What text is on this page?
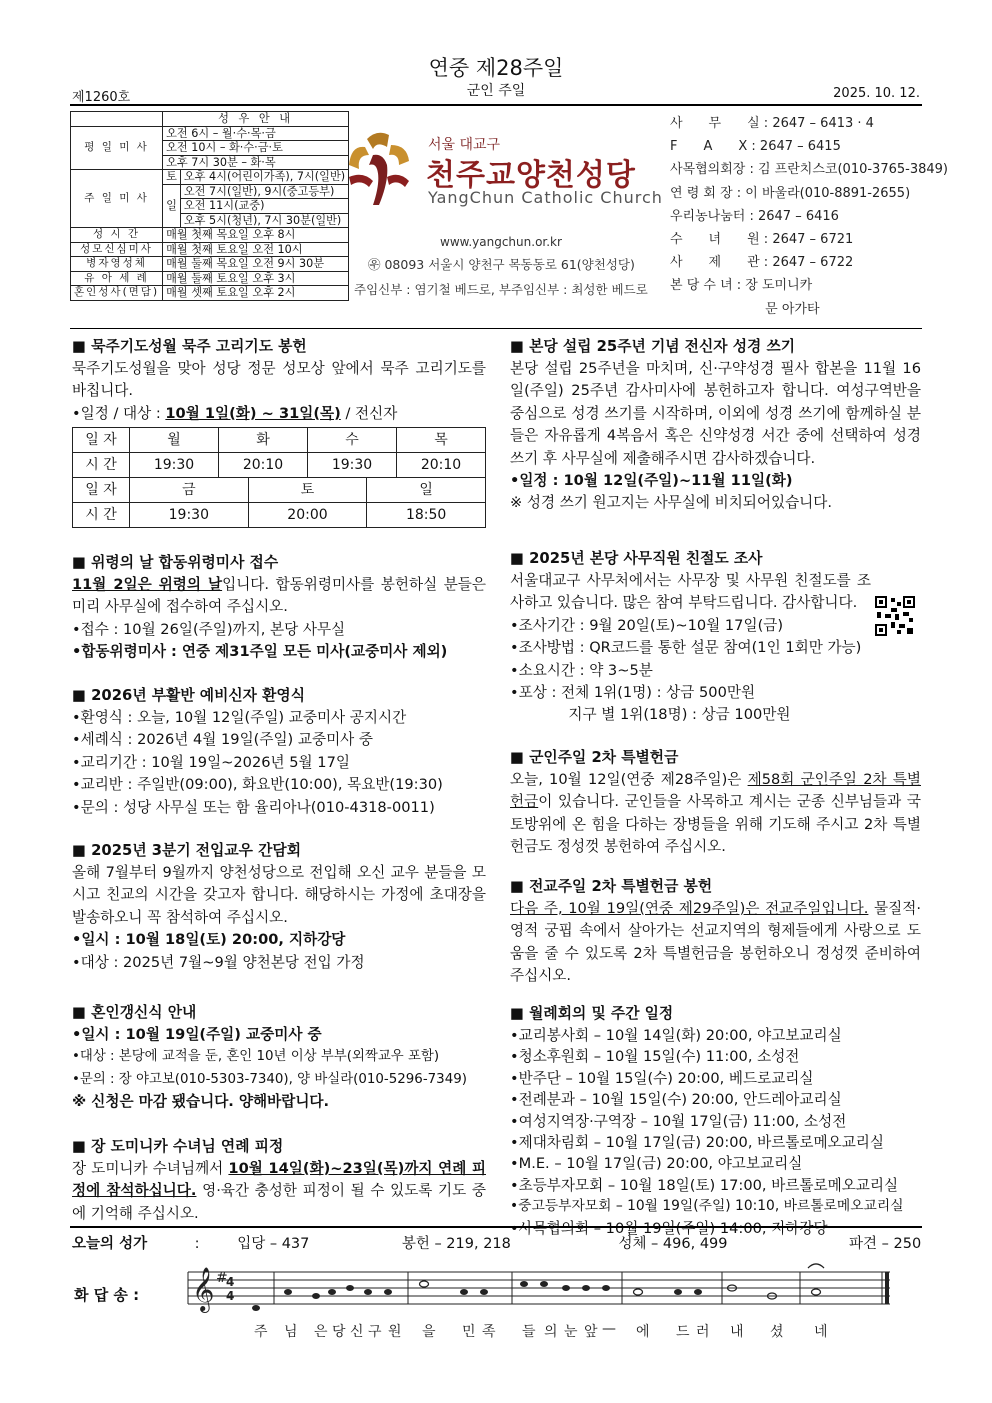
연중 제28주일
군인 주일
제1260호	2025. 10. 12.
	성 우 안 내	
평 일 미 사	오전 6시 – 월·수·목·금	
	오전 10시 – 화·수·금·토	
	오후 7시 30분 – 화·목	
주 일 미 사	토	오후 4시(어린이가족), 7시(일반)
	일	오전 7시(일반), 9시(중고등부)
		오전 11시(교중)
		오후 5시(청년), 7시 30분(일반)
성 시 간	매월 첫째 목요일 오후 8시	
성모신심미사	매월 첫째 토요일 오전 10시	
병자영성체	매월 둘째 목요일 오전 9시 30분	
유 아 세 례	매월 둘째 토요일 오후 3시	
혼인성사(면담)	매월 셋째 토요일 오후 2시	
서울 대교구
천주교양천성당
YangChun Catholic Church
www.yangchun.or.kr
㉾ 08093 서울시 양천구 목동동로 61(양천성당)
주임신부 : 염기철 베드로, 부주임신부 : 최성한 베드로
사　　무　　실 : 2647 – 6413 · 4
F　　A　　X : 2647 – 6415
사목협의회장 : 김 프란치스코(010-3765-3849)
연 령 회 장 : 이 바울라(010-8891-2655)
우리농나눔터 : 2647 – 6416
수　　녀　　원 : 2647 – 6721
사　　제　　관 : 2647 – 6722
본 당 수 녀 : 장 도미니카
　　　　　　　 문 아가타
■ 묵주기도성월 묵주 고리기도 봉헌

묵주기도성월을 맞아 성당 정문 성모상 앞에서 묵주 고리기도를 바칩니다.

•일정 / 대상 : 10월 1일(화) ~ 31일(목) / 전신자
일 자	월	화	수	목
시 간	19:30	20:10	19:30	20:10
일 자	금	토	일
시 간	19:30	20:00	18:50
■ 위령의 날 합동위령미사 접수

11월 2일은 위령의 날입니다. 합동위령미사를 봉헌하실 분들은 미리 사무실에 접수하여 주십시오.

•접수 : 10월 26일(주일)까지, 본당 사무실
•합동위령미사 : 연중 제31주일 모든 미사(교중미사 제외)
■ 2026년 부활반 예비신자 환영식
•환영식 : 오늘, 10월 12일(주일) 교중미사 공지시간
•세례식 : 2026년 4월 19일(주일) 교중미사 중
•교리기간 : 10월 19일~2026년 5월 17일
•교리반 : 주일반(09:00), 화요반(10:00), 목요반(19:30)
•문의 : 성당 사무실 또는 함 율리아나(010-4318-0011)
■ 2025년 3분기 전입교우 간담회

올해 7월부터 9월까지 양천성당으로 전입해 오신 교우 분들을 모시고 친교의 시간을 갖고자 합니다. 해당하시는 가정에 초대장을 발송하오니 꼭 참석하여 주십시오.

•일시 : 10월 18일(토) 20:00, 지하강당
•대상 : 2025년 7월~9월 양천본당 전입 가정
■ 혼인갱신식 안내
•일시 : 10월 19일(주일) 교중미사 중
•대상 : 본당에 교적을 둔, 혼인 10년 이상 부부(외짝교우 포함)
•문의 : 장 야고보(010-5303-7340), 양 바실라(010-5296-7349)
※ 신청은 마감 됐습니다. 양해바랍니다.
■ 장 도미니카 수녀님 연례 피정

장 도미니카 수녀님께서 10월 14일(화)~23일(목)까지 연례 피정에 참석하십니다. 영·육간 충성한 피정이 될 수 있도록 기도 중에 기억해 주십시오.

■ 본당 설립 25주년 기념 전신자 성경 쓰기

본당 설립 25주년을 마치며, 신·구약성경 필사 합본을 11월 16일(주일) 25주년 감사미사에 봉헌하고자 합니다. 여성구역반을 중심으로 성경 쓰기를 시작하며, 이외에 성경 쓰기에 함께하실 분들은 자유롭게 4복음서 혹은 신약성경 서간 중에 선택하여 성경 쓰기 후 사무실에 제출해주시면 감사하겠습니다.

•일정 : 10월 12일(주일)~11월 11일(화)
※ 성경 쓰기 원고지는 사무실에 비치되어있습니다.
■ 2025년 본당 사무직원 친절도 조사

서울대교구 사무처에서는 사무장 및 사무원 친절도를 조사하고 있습니다. 많은 참여 부탁드립니다. 감사합니다.

•조사기간 : 9월 20일(토)~10월 17일(금)
•조사방법 : QR코드를 통한 설문 참여(1인 1회만 가능)
•소요시간 : 약 3~5분
•포상 : 전체 1위(1명) : 상금 500만원
　　　　지구 별 1위(18명) : 상금 100만원
■ 군인주일 2차 특별헌금

오늘, 10월 12일(연중 제28주일)은 제58회 군인주일 2차 특별헌금이 있습니다. 군인들을 사목하고 계시는 군종 신부님들과 국토방위에 온 힘을 다하는 장병들을 위해 기도해 주시고 2차 특별헌금도 정성껏 봉헌하여 주십시오.

■ 전교주일 2차 특별헌금 봉헌

다음 주, 10월 19일(연중 제29주일)은 전교주일입니다. 물질적·영적 궁핍 속에서 살아가는 선교지역의 형제들에게 사랑으로 도움을 줄 수 있도록 2차 특별헌금을 봉헌하오니 정성껏 준비하여 주십시오.

■ 월례회의 및 주간 일정
•교리봉사회 – 10월 14일(화) 20:00, 야고보교리실
•청소후원회 – 10월 15일(수) 11:00, 소성전
•반주단 – 10월 15일(수) 20:00, 베드로교리실
•전례분과 – 10월 15일(수) 20:00, 안드레아교리실
•여성지역장·구역장 – 10월 17일(금) 11:00, 소성전
•제대차림회 – 10월 17일(금) 20:00, 바르톨로메오교리실
•M.E. – 10월 17일(금) 20:00, 야고보교리실
•초등부자모회 – 10월 18일(토) 17:00, 바르톨로메오교리실
•중고등부자모회 – 10월 19일(주일) 10:10, 바르톨로메오교리실
•사목협의회 – 10월 19일(주일) 14:00, 지하강당
오늘의 성가	:	입당 – 437	봉헌 – 219, 218	성체 – 496, 499	파견 – 250
화 답 송 : 𝄞 #
4
4
주 님 은 당 신 구 원 을 민 족 들 의 눈 앞 — 에 드 러 내 셨 네
